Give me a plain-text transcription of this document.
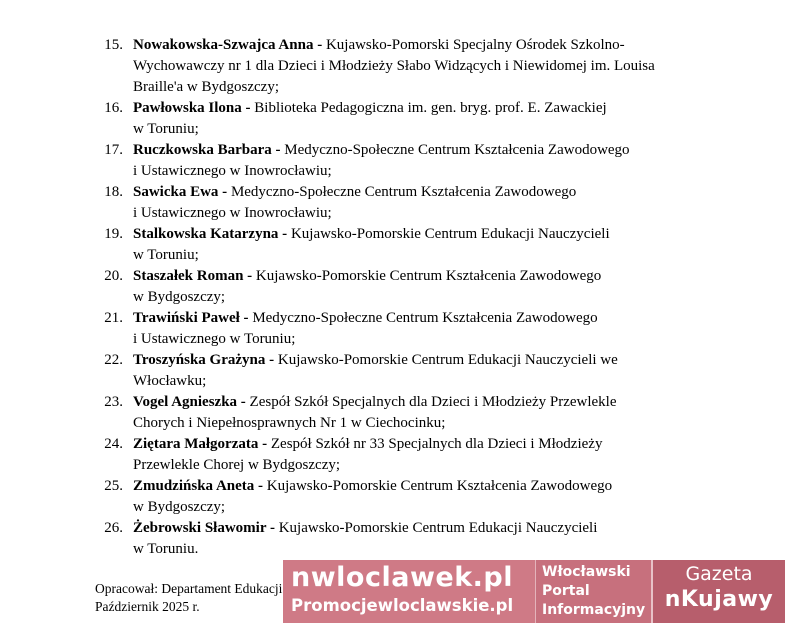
15. Nowakowska-Szwajca Anna - Kujawsko-Pomorski Specjalny Ośrodek Szkolno-
Wychowawczy nr 1 dla Dzieci i Młodzieży Słabo Widzących i Niewidomej im. Louisa
Braille'a w Bydgoszczy;
16. Pawłowska Ilona - Biblioteka Pedagogiczna im. gen. bryg. prof. E. Zawackiej
w Toruniu;
17. Ruczkowska Barbara - Medyczno-Społeczne Centrum Kształcenia Zawodowego
i Ustawicznego w Inowrocławiu;
18. Sawicka Ewa - Medyczno-Społeczne Centrum Kształcenia Zawodowego
i Ustawicznego w Inowrocławiu;
19. Stalkowska Katarzyna - Kujawsko-Pomorskie Centrum Edukacji Nauczycieli
w Toruniu;
20. Staszałek Roman - Kujawsko-Pomorskie Centrum Kształcenia Zawodowego
w Bydgoszczy;
21. Trawiński Paweł - Medyczno-Społeczne Centrum Kształcenia Zawodowego
i Ustawicznego w Toruniu;
22. Troszyńska Grażyna - Kujawsko-Pomorskie Centrum Edukacji Nauczycieli we
Włocławku;
23. Vogel Agnieszka - Zespół Szkół Specjalnych dla Dzieci i Młodzieży Przewlekle
Chorych i Niepełnosprawnych Nr 1 w Ciechocinku;
24. Ziętara Małgorzata - Zespół Szkół nr 33 Specjalnych dla Dzieci i Młodzieży
Przewlekle Chorej w Bydgoszczy;
25. Zmudzińska Aneta - Kujawsko-Pomorskie Centrum Kształcenia Zawodowego
w Bydgoszczy;
26. Żebrowski Sławomir - Kujawsko-Pomorskie Centrum Edukacji Nauczycieli
w Toruniu.
Opracował: Departament Edukacji
Październik 2025 r.
nwloclawek.pl
Promocjewloclawskie.pl
Włocławski
Portal
Informacyjny
Gazeta
nKujawy
